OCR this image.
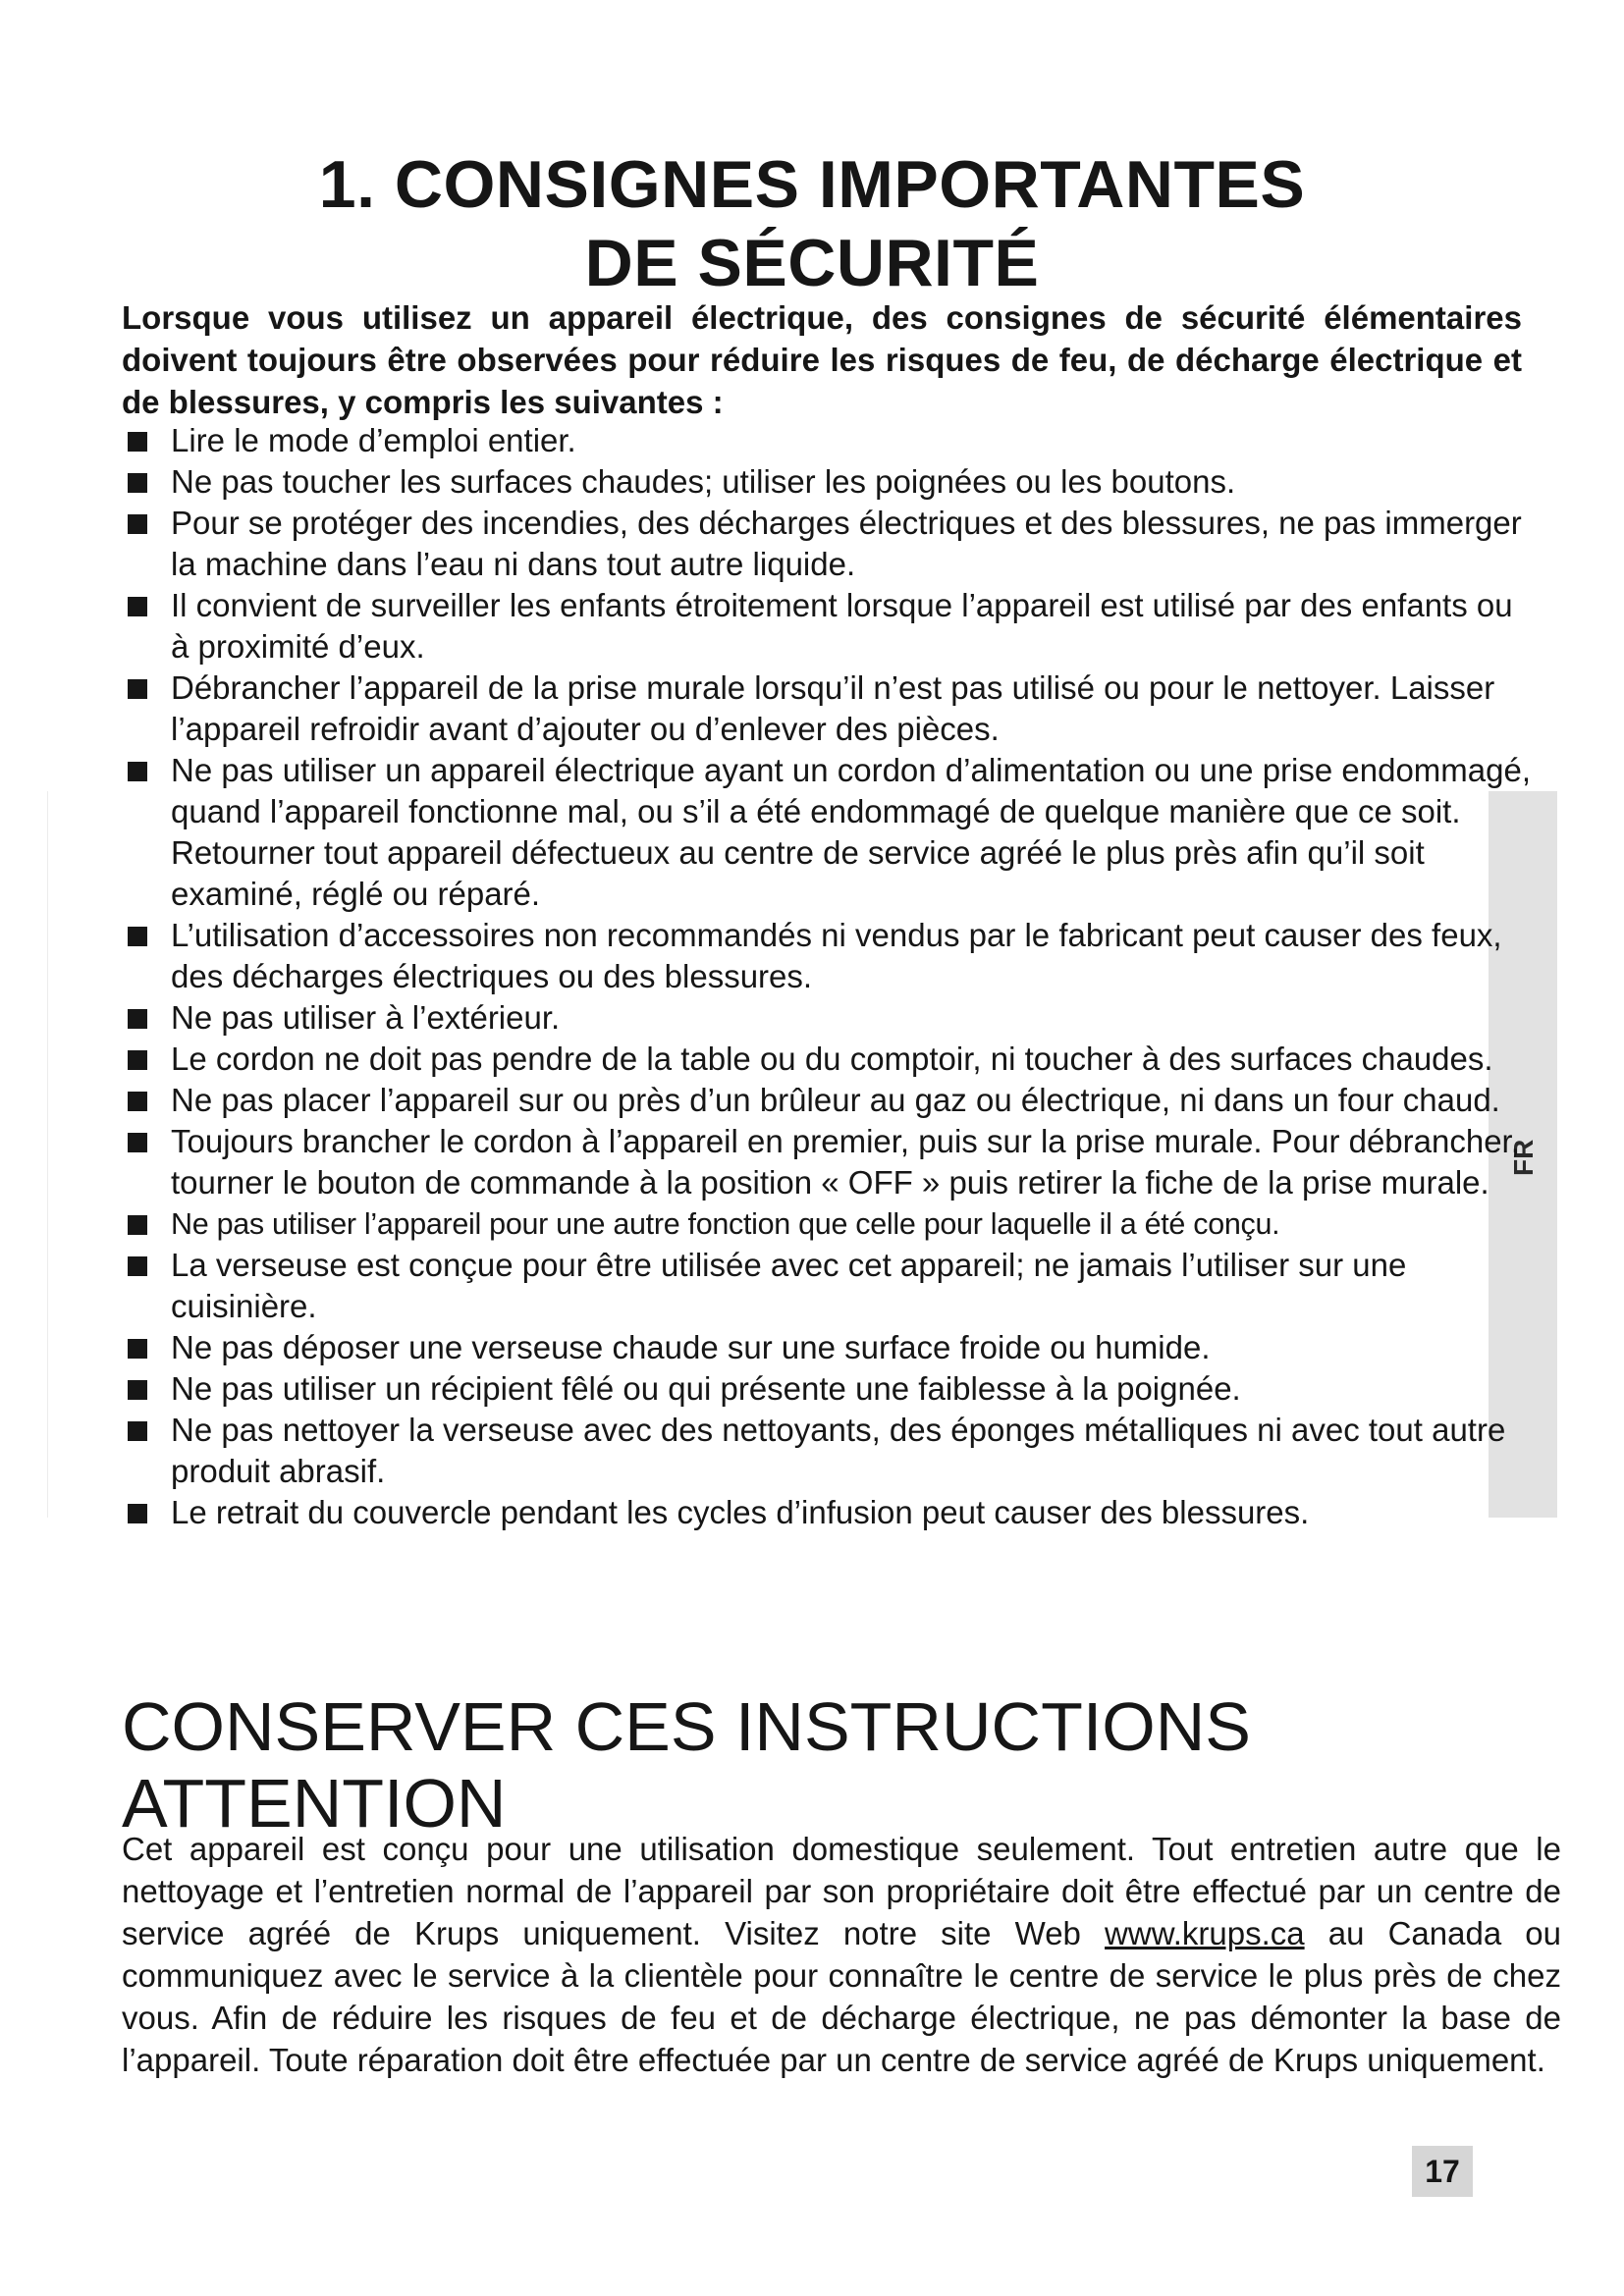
FR
1. CONSIGNES IMPORTANTES
DE SÉCURITÉ

Lorsque vous utilisez un appareil électrique, des consignes de sécurité élémentaires doivent toujours être observées pour réduire les risques de feu, de décharge électrique et de blessures, y compris les suivantes :

Lire le mode d’emploi entier.
Ne pas toucher les surfaces chaudes; utiliser les poignées ou les boutons.
Pour se protéger des incendies, des décharges électriques et des blessures, ne pas immerger la machine dans l’eau ni dans tout autre liquide.
Il convient de surveiller les enfants étroitement lorsque l’appareil est utilisé par des enfants ou à proximité d’eux.
Débrancher l’appareil de la prise murale lorsqu’il n’est pas utilisé ou pour le nettoyer. Laisser l’appareil refroidir avant d’ajouter ou d’enlever des pièces.
Ne pas utiliser un appareil électrique ayant un cordon d’alimentation ou une prise endommagé, quand l’appareil fonctionne mal, ou s’il a été endommagé de quelque manière que ce soit. Retourner tout appareil défectueux au centre de service agréé le plus près afin qu’il soit examiné, réglé ou réparé.
L’utilisation d’accessoires non recommandés ni vendus par le fabricant peut causer des feux, des décharges électriques ou des blessures.
Ne pas utiliser à l’extérieur.
Le cordon ne doit pas pendre de la table ou du comptoir, ni toucher à des surfaces chaudes.
Ne pas placer l’appareil sur ou près d’un brûleur au gaz ou électrique, ni dans un four chaud.
Toujours brancher le cordon à l’appareil en premier, puis sur la prise murale. Pour débrancher, tourner le bouton de commande à la position « OFF » puis retirer la fiche de la prise murale.
Ne pas utiliser l’appareil pour une autre fonction que celle pour laquelle il a été conçu.
La verseuse est conçue pour être utilisée avec cet appareil; ne jamais l’utiliser sur une cuisinière.
Ne pas déposer une verseuse chaude sur une surface froide ou humide.
Ne pas utiliser un récipient fêlé ou qui présente une faiblesse à la poignée.
Ne pas nettoyer la verseuse avec des nettoyants, des éponges métalliques ni avec tout autre produit abrasif.
Le retrait du couvercle pendant les cycles d’infusion peut causer des blessures.
CONSERVER CES INSTRUCTIONS
ATTENTION

Cet appareil est conçu pour une utilisation domestique seulement. Tout entretien autre que le nettoyage et l’entretien normal de l’appareil par son propriétaire doit être effectué par un centre de service agréé de Krups uniquement. Visitez notre site Web www.krups.ca au Canada ou communiquez avec le service à la clientèle pour connaître le centre de service le plus près de chez vous. Afin de réduire les risques de feu et de décharge électrique, ne pas démonter la base de l’appareil. Toute réparation doit être effectuée par un centre de service agréé de Krups uniquement.

17
